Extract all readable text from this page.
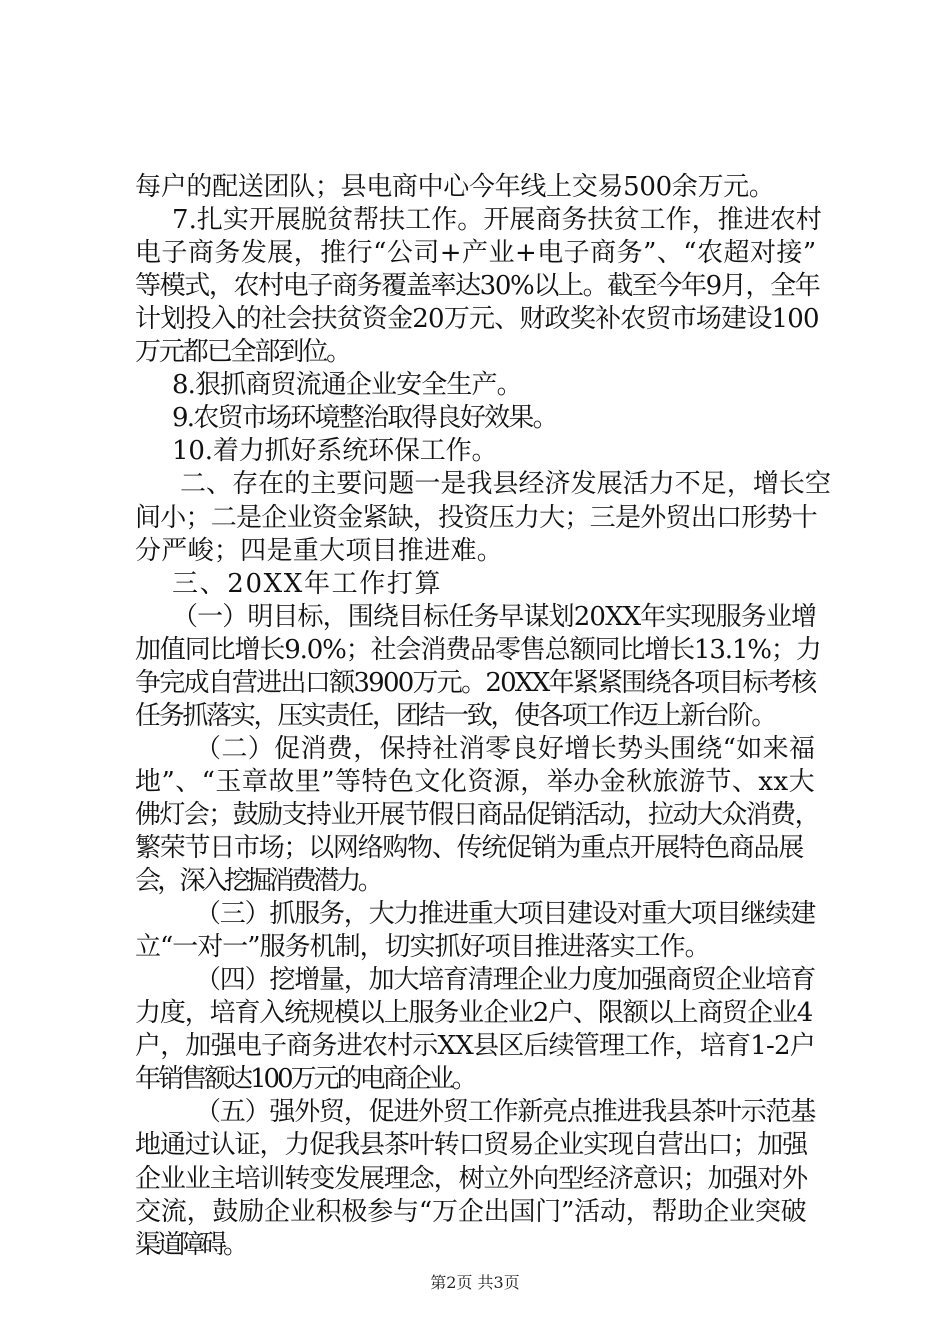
每户的配送团队；县电商中心今年线上交易500余万元。
7.扎实开展脱贫帮扶工作。开展商务扶贫工作，推进农村
电子商务发展，推行“公司+产业+电子商务”、“农超对接”
等模式，农村电子商务覆盖率达30%以上。截至今年9月，全年
计划投入的社会扶贫资金20万元、财政奖补农贸市场建设100
万元都已全部到位。
8.狠抓商贸流通企业安全生产。
9.农贸市场环境整治取得良好效果。
10.着力抓好系统环保工作。
二、存在的主要问题一是我县经济发展活力不足，增长空
间小；二是企业资金紧缺，投资压力大；三是外贸出口形势十
分严峻；四是重大项目推进难。
三、20XX年工作打算
（一）明目标，围绕目标任务早谋划20XX年实现服务业增
加值同比增长9.0%；社会消费品零售总额同比增长13.1%；力
争完成自营进出口额3900万元。20XX年紧紧围绕各项目标考核
任务抓落实，压实责任，团结一致，使各项工作迈上新台阶。
（二）促消费，保持社消零良好增长势头围绕“如来福
地”、“玉章故里”等特色文化资源，举办金秋旅游节、xx大
佛灯会；鼓励支持业开展节假日商品促销活动，拉动大众消费，
繁荣节日市场；以网络购物、传统促销为重点开展特色商品展
会，深入挖掘消费潜力。
（三）抓服务，大力推进重大项目建设对重大项目继续建
立“一对一”服务机制，切实抓好项目推进落实工作。
（四）挖增量，加大培育清理企业力度加强商贸企业培育
力度，培育入统规模以上服务业企业2户、限额以上商贸企业4
户，加强电子商务进农村示XX县区后续管理工作，培育1-2户
年销售额达100万元的电商企业。
（五）强外贸，促进外贸工作新亮点推进我县茶叶示范基
地通过认证，力促我县茶叶转口贸易企业实现自营出口；加强
企业业主培训转变发展理念，树立外向型经济意识；加强对外
交流，鼓励企业积极参与“万企出国门”活动，帮助企业突破
渠道障碍。
第2页 共3页
